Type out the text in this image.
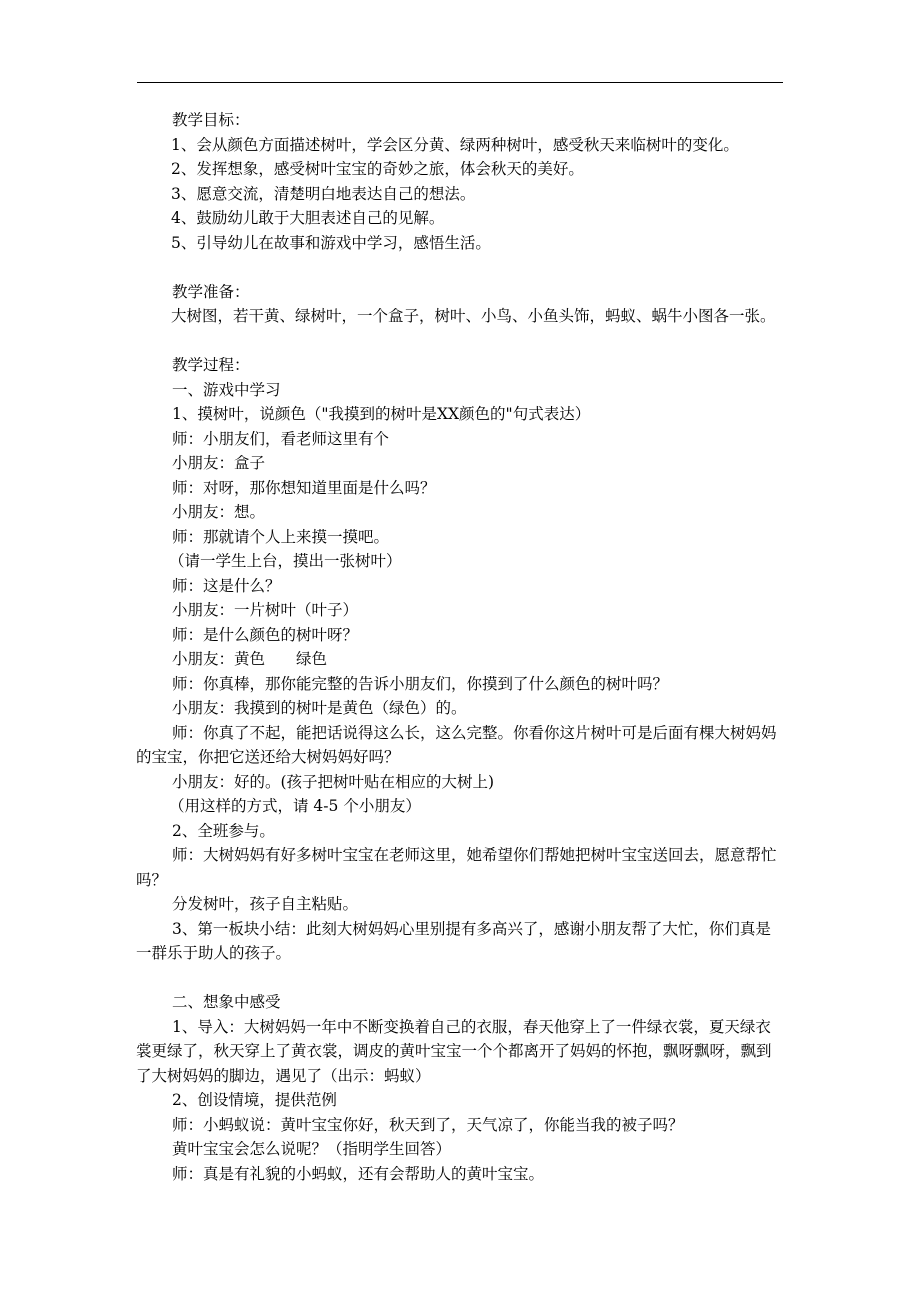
教学目标：
1、会从颜色方面描述树叶，学会区分黄、绿两种树叶，感受秋天来临树叶的变化。
2、发挥想象，感受树叶宝宝的奇妙之旅，体会秋天的美好。
3、愿意交流，清楚明白地表达自己的想法。
4、鼓励幼儿敢于大胆表述自己的见解。
5、引导幼儿在故事和游戏中学习，感悟生活。
教学准备：
大树图，若干黄、绿树叶，一个盒子，树叶、小鸟、小鱼头饰，蚂蚁、蜗牛小图各一张。
教学过程：
一、游戏中学习
1、摸树叶，说颜色（"我摸到的树叶是XX颜色的"句式表达）
师：小朋友们，看老师这里有个
小朋友：盒子
师：对呀，那你想知道里面是什么吗？
小朋友：想。
师：那就请个人上来摸一摸吧。
（请一学生上台，摸出一张树叶）
师：这是什么？
小朋友：一片树叶（叶子）
师：是什么颜色的树叶呀？
小朋友：黄色　　绿色
师：你真棒，那你能完整的告诉小朋友们，你摸到了什么颜色的树叶吗？
小朋友：我摸到的树叶是黄色（绿色）的。
师：你真了不起，能把话说得这么长，这么完整。你看你这片树叶可是后面有棵大树妈妈的宝宝，你把它送还给大树妈妈好吗？
小朋友：好的。(孩子把树叶贴在相应的大树上)
（用这样的方式，请 4-5 个小朋友）
2、全班参与。
师：大树妈妈有好多树叶宝宝在老师这里，她希望你们帮她把树叶宝宝送回去，愿意帮忙吗？
分发树叶，孩子自主粘贴。
3、第一板块小结：此刻大树妈妈心里别提有多高兴了，感谢小朋友帮了大忙，你们真是一群乐于助人的孩子。
二、想象中感受
1、导入：大树妈妈一年中不断变换着自己的衣服，春天他穿上了一件绿衣裳，夏天绿衣裳更绿了，秋天穿上了黄衣裳，调皮的黄叶宝宝一个个都离开了妈妈的怀抱，飘呀飘呀，飘到了大树妈妈的脚边，遇见了（出示：蚂蚁）
2、创设情境，提供范例
师：小蚂蚁说：黄叶宝宝你好，秋天到了，天气凉了，你能当我的被子吗？
黄叶宝宝会怎么说呢？（指明学生回答）
师：真是有礼貌的小蚂蚁，还有会帮助人的黄叶宝宝。
